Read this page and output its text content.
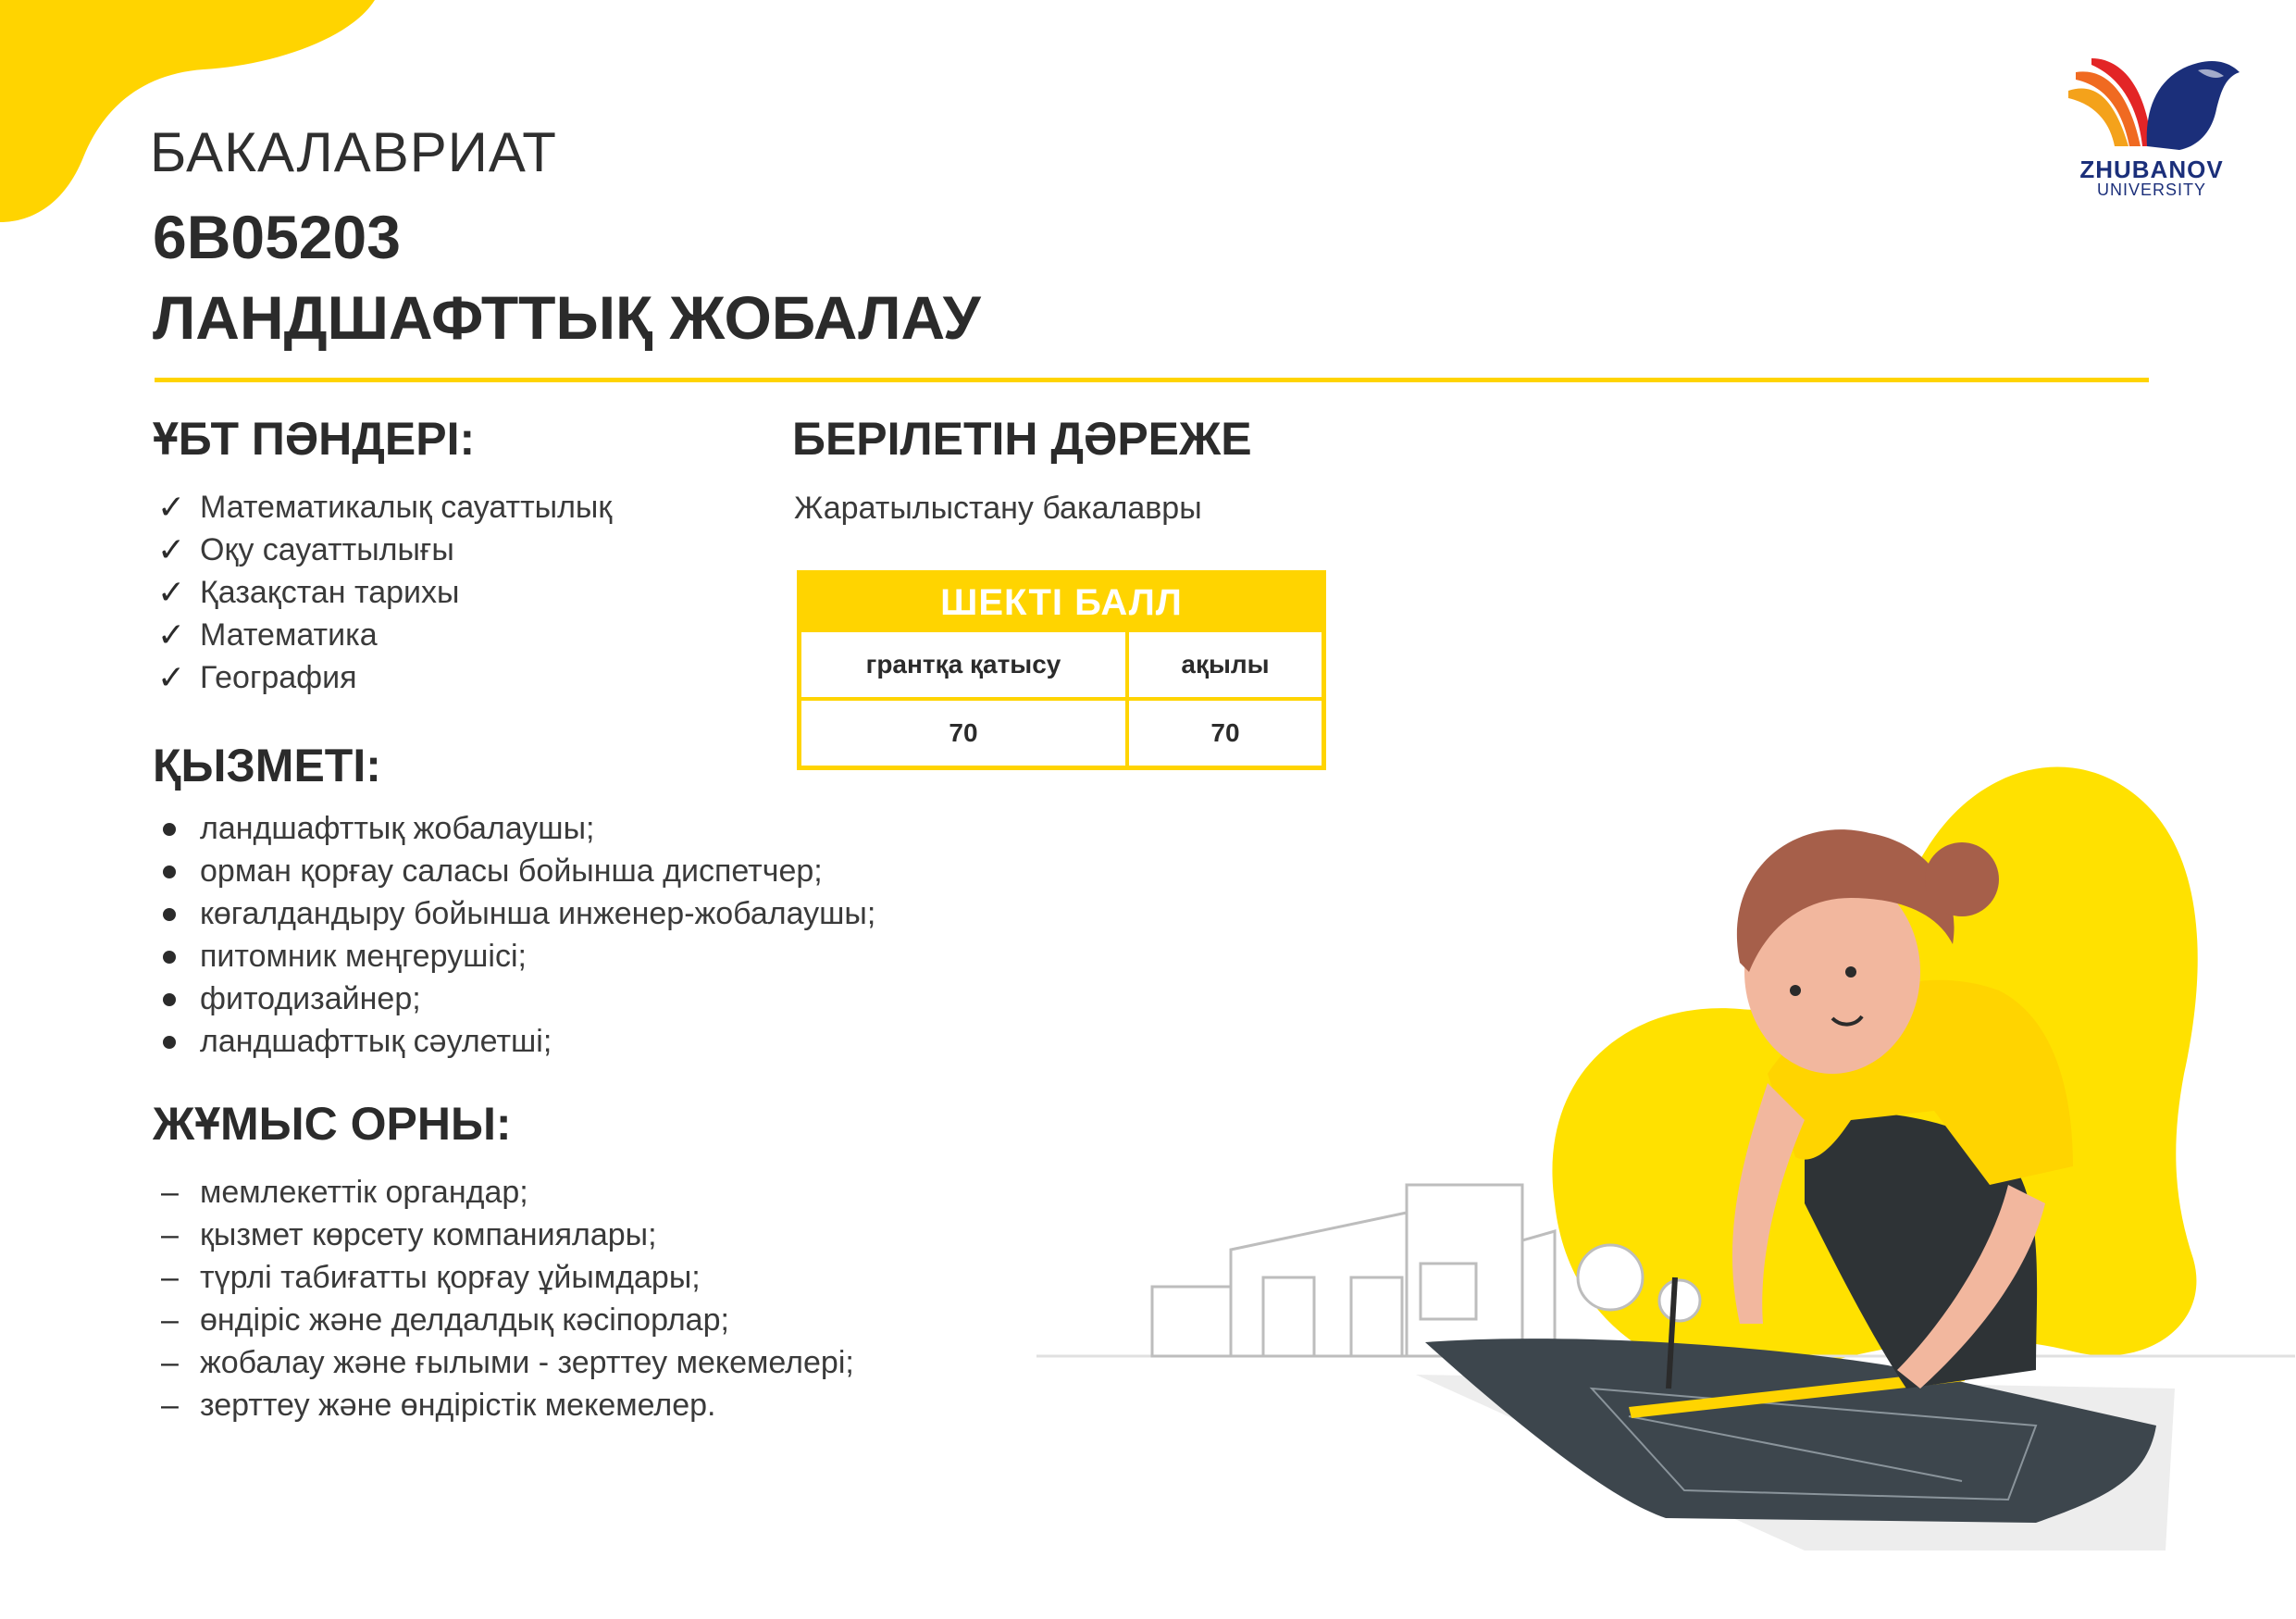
ZHUBANOV
UNIVERSITY
БАКАЛАВРИАТ
6B05203
ЛАНДШАФТТЫҚ ЖОБАЛАУ
ҰБТ ПӘНДЕРІ:
✓ Математикалық сауаттылық
✓ Оқу сауаттылығы
✓ Қазақстан тарихы
✓ Математика
✓ География
БЕРІЛЕТІН ДӘРЕЖЕ
Жаратылыстану бакалавры
ШЕКТІ БАЛЛ
грантқа қатысу	ақылы
70	70
ҚЫЗМЕТІ:
ландшафттық жобалаушы;
орман қорғау саласы бойынша диспетчер;
көгалдандыру бойынша инженер-жобалаушы;
питомник меңгерушісі;
фитодизайнер;
ландшафттық сәулетші;
ЖҰМЫС ОРНЫ:
– мемлекеттік органдар;
– қызмет көрсету компаниялары;
– түрлі табиғатты қорғау ұйымдары;
– өндіріс және делдалдық кәсіпорлар;
– жобалау және ғылыми - зерттеу мекемелері;
– зерттеу және өндірістік мекемелер.
